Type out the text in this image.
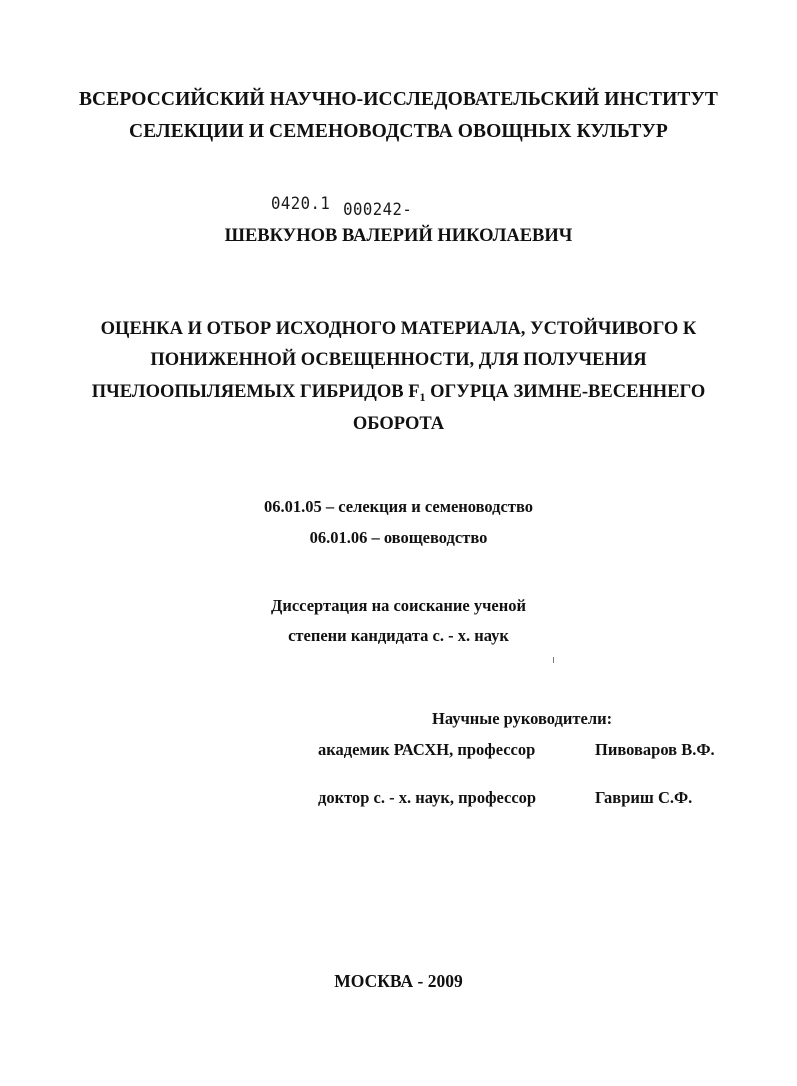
ВСЕРОССИЙСКИЙ НАУЧНО-ИССЛЕДОВАТЕЛЬСКИЙ ИНСТИТУТ
СЕЛЕКЦИИ И СЕМЕНОВОДСТВА ОВОЩНЫХ КУЛЬТУР
0420.1 000242-
ШЕВКУНОВ ВАЛЕРИЙ НИКОЛАЕВИЧ
ОЦЕНКА И ОТБОР ИСХОДНОГО МАТЕРИАЛА, УСТОЙЧИВОГО К
ПОНИЖЕННОЙ ОСВЕЩЕННОСТИ, ДЛЯ ПОЛУЧЕНИЯ
ПЧЕЛООПЫЛЯЕМЫХ ГИБРИДОВ $F_1$ ОГУРЦА ЗИМНЕ-ВЕСЕННЕГО
ОБОРОТА
06.01.05 – селекция и семеноводство
06.01.06 – овощеводство
Диссертация на соискание ученой
степени кандидата с. - х. наук
Научные руководители:
академик РАСХН, профессор	Пивоваров В.Ф.
доктор с. - х. наук, профессор	Гавриш С.Ф.
МОСКВА - 2009
